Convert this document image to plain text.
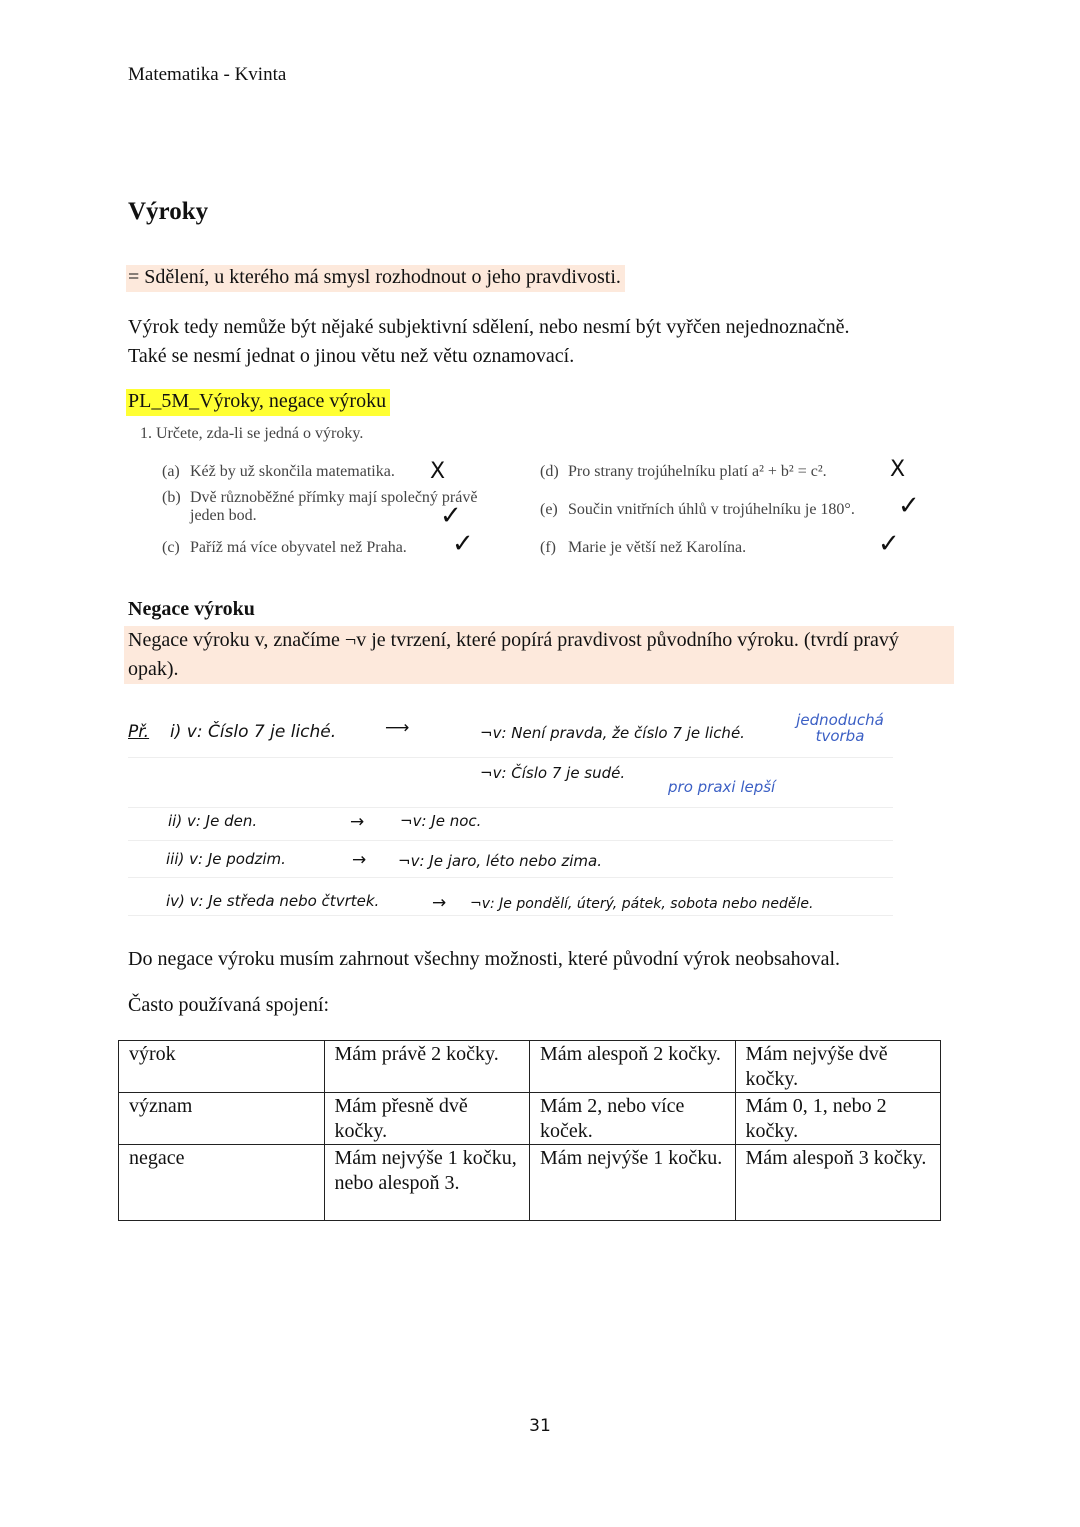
Matematika - Kvinta
Výroky
= Sdělení, u kterého má smysl rozhodnout o jeho pravdivosti.
Výrok tedy nemůže být nějaké subjektivní sdělení, nebo nesmí být vyřčen nejednoznačně.
Také se nesmí jednat o jinou větu než větu oznamovací.
PL_5M_Výroky, negace výroku
1. Určete, zda-li se jedná o výroky.
(a) Kéž by už skončila matematika. X
(b) Dvě různoběžné přímky mají společný právě
jeden bod.	✓
(c) Paříž má více obyvatel než Praha. ✓
(d) Pro strany trojúhelníku platí a² + b² = c².	X
(e) Součin vnitřních úhlů v trojúhelníku je 180°. ✓
(f) Marie je větší než Karolína.	✓
Negace výroku
Negace výroku v, značíme ¬v je tvrzení, které popírá pravdivost původního výroku. (tvrdí pravý opak).
Př. i) v: Číslo 7 je liché.	⟶	¬v: Není pravda, že číslo 7 je liché.
jednoduchá tvorba
¬v: Číslo 7 je sudé.
pro praxi lepší
ii) v: Je den.	→ ¬v: Je noc.
iii) v: Je podzim.	→ ¬v: Je jaro, léto nebo zima.
iv) v: Je středa nebo čtvrtek.	→ ¬v: Je pondělí, úterý, pátek, sobota nebo neděle.
Do negace výroku musím zahrnout všechny možnosti, které původní výrok neobsahoval.
Často používaná spojení:
výrok	Mám právě 2 kočky.	Mám alespoň 2 kočky.	Mám nejvýše dvě kočky.
význam	Mám přesně dvě kočky.	Mám 2, nebo více koček.	Mám 0, 1, nebo 2 kočky.
negace	Mám nejvýše 1 kočku, nebo alespoň 3.	Mám nejvýše 1 kočku.	Mám alespoň 3 kočky.
31
